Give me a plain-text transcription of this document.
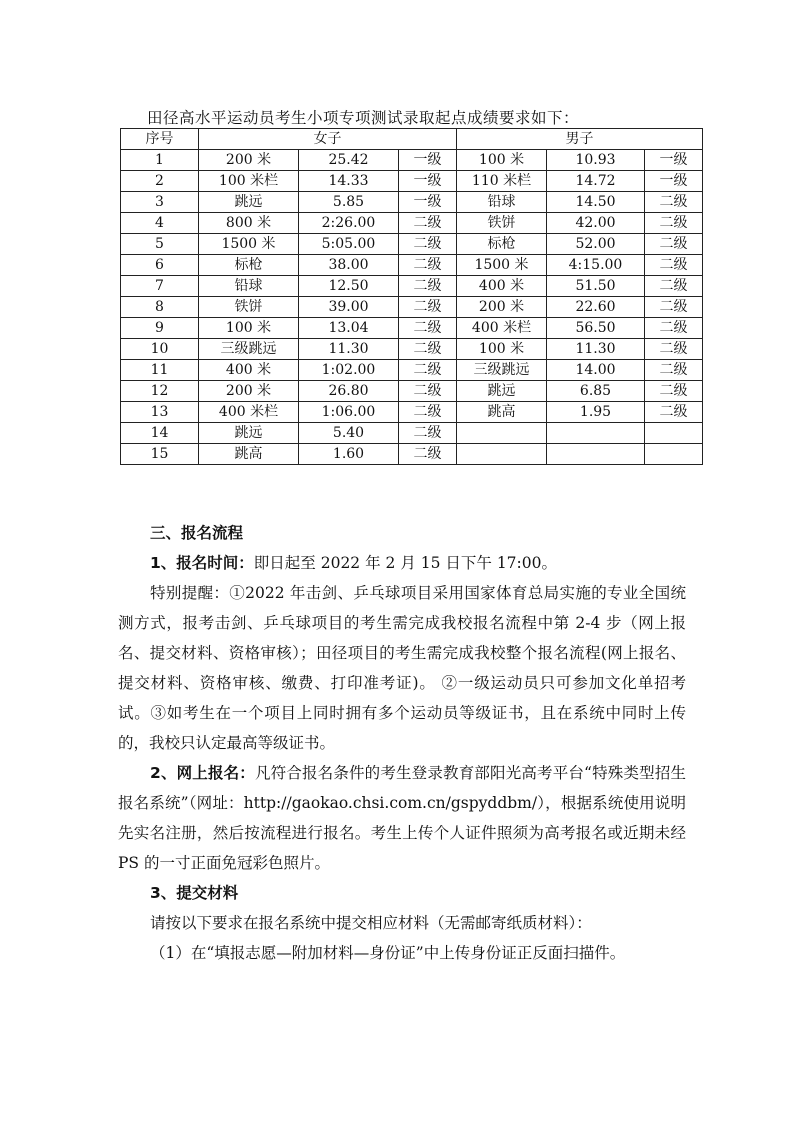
田径高水平运动员考生小项专项测试录取起点成绩要求如下：
序号	女子			男子		
1	200 米	25.42	一级	100 米	10.93	一级
2	100 米栏	14.33	一级	110 米栏	14.72	一级
3	跳远	5.85	一级	铅球	14.50	二级
4	800 米	2:26.00	二级	铁饼	42.00	二级
5	1500 米	5:05.00	二级	标枪	52.00	二级
6	标枪	38.00	二级	1500 米	4:15.00	二级
7	铅球	12.50	二级	400 米	51.50	二级
8	铁饼	39.00	二级	200 米	22.60	二级
9	100 米	13.04	二级	400 米栏	56.50	二级
10	三级跳远	11.30	二级	100 米	11.30	二级
11	400 米	1:02.00	二级	三级跳远	14.00	二级
12	200 米	26.80	二级	跳远	6.85	二级
13	400 米栏	1:06.00	二级	跳高	1.95	二级
14	跳远	5.40	二级			
15	跳高	1.60	二级			

三、报名流程

1、报名时间：即日起至 2022 年 2 月 15 日下午 17:00。

特别提醒：①2022 年击剑、乒乓球项目采用国家体育总局实施的专业全国统测方式，报考击剑、乒乓球项目的考生需完成我校报名流程中第 2-4 步（网上报名、提交材料、资格审核）；田径项目的考生需完成我校整个报名流程(网上报名、提交材料、资格审核、缴费、打印准考证)。 ②一级运动员只可参加文化单招考试。③如考生在一个项目上同时拥有多个运动员等级证书，且在系统中同时上传的，我校只认定最高等级证书。

2、网上报名：凡符合报名条件的考生登录教育部阳光高考平台“特殊类型招生报名系统”（网址：http://gaokao.chsi.com.cn/gspyddbm/），根据系统使用说明先实名注册，然后按流程进行报名。考生上传个人证件照须为高考报名或近期未经 PS 的一寸正面免冠彩色照片。

3、提交材料

请按以下要求在报名系统中提交相应材料（无需邮寄纸质材料）：

（1）在“填报志愿—附加材料—身份证”中上传身份证正反面扫描件。
